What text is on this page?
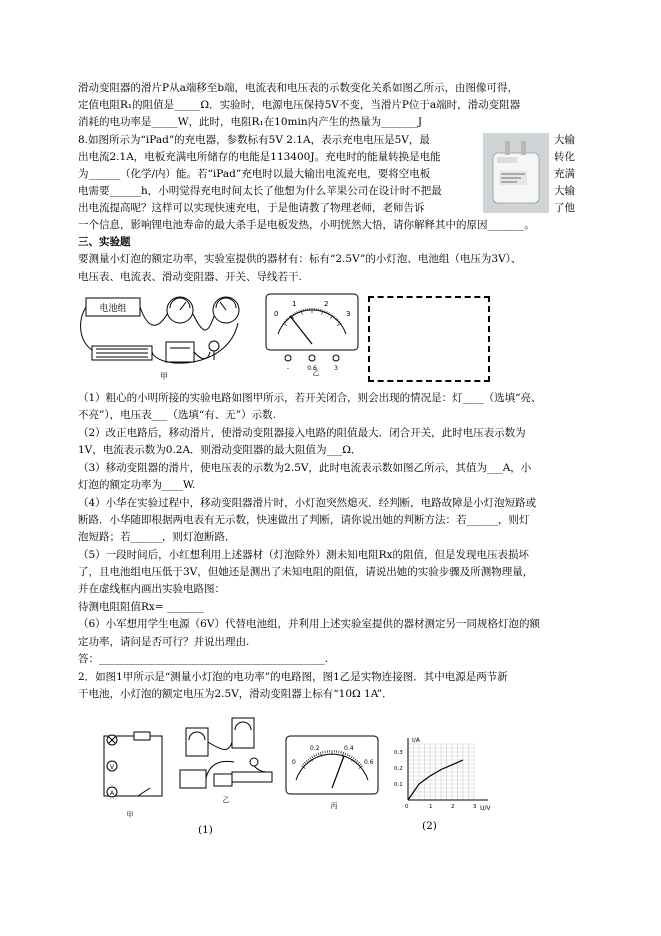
滑动变阻器的滑片P从a端移至b端，电流表和电压表的示数变化关系如图乙所示，由图像可得，
定值电阻R₁的阻值是_____Ω．实验时，电源电压保持5V不变，当滑片P位于a端时，滑动变阻器
消耗的电功率是_____W，此时，电阻R₁在10min内产生的热量为_______J
8.如图所示为“iPad”的充电器，参数标有5V 2.1A，表示充电电压是5V，最
出电流2.1A，电板充满电所储存的电能是113400J。充电时的能量转换是电能
为______（化学/内）能。若“iPad”充电时以最大输出电流充电，要将空电板
电需要______h，小明觉得充电时间太长了他想为什么苹果公司在设计时不把最
出电流提高呢？这样可以实现快速充电，于是他请教了物理老师，老师告诉
一个信息，影响锂电池寿命的最大杀手是电板发热，小明恍然大悟，请你解释其中的原因_______。
大输
转化
充满
大输
了他
三、实验题
要测量小灯泡的额定功率，实验室提供的器材有：标有“2.5V”的小灯泡、电池组（电压为3V）、
电压表、电流表、滑动变阻器、开关、导线若干.
电池组
甲
0
1	2
3
-	0.6	3
乙
（1）粗心的小明所接的实验电路如图甲所示，若开关闭合，则会出现的情况是：灯____（选填“亮、
不亮”），电压表___（选填“有、无”）示数.
（2）改正电路后，移动滑片，使滑动变阻器接入电路的阻值最大．闭合开关，此时电压表示数为
1V，电流表示数为0.2A．则滑动变阻器的最大阻值为___Ω．
（3）移动变阻器的滑片，使电压表的示数为2.5V，此时电流表示数如图乙所示，其值为___A，小
灯泡的额定功率为____W.
（4）小华在实验过程中，移动变阻器滑片时，小灯泡突然熄灭．经判断，电路故障是小灯泡短路或
断路．小华随即根据两电表有无示数，快速做出了判断，请你说出她的判断方法：若______，则灯
泡短路；若______，则灯泡断路．
（5）一段时间后，小红想利用上述器材（灯泡除外）测未知电阻Rx的阻值，但是发现电压表损坏
了，且电池组电压低于3V，但她还是测出了未知电阻的阻值，请说出她的实验步骤及所测物理量，
并在虚线框内画出实验电路图：
待测电阻阻值Rx= _______
（6）小军想用学生电源（6V）代替电池组，并利用上述实验室提供的器材测定另一同规格灯泡的额
定功率，请问是否可行？并说出理由.
答：___________________________________________.
2．如图1甲所示是“测量小灯泡的电功率”的电路图，图1乙是实物连接图．其中电源是两节新
干电池，小灯泡的额定电压为2.5V，滑动变阻器上标有“10Ω 1A”．
V
A
甲
乙
(1)
0
0.2	0.4
0.6
丙
I/A
U/V
0.3
0.2
0.1
0	1	2	3
(2)
